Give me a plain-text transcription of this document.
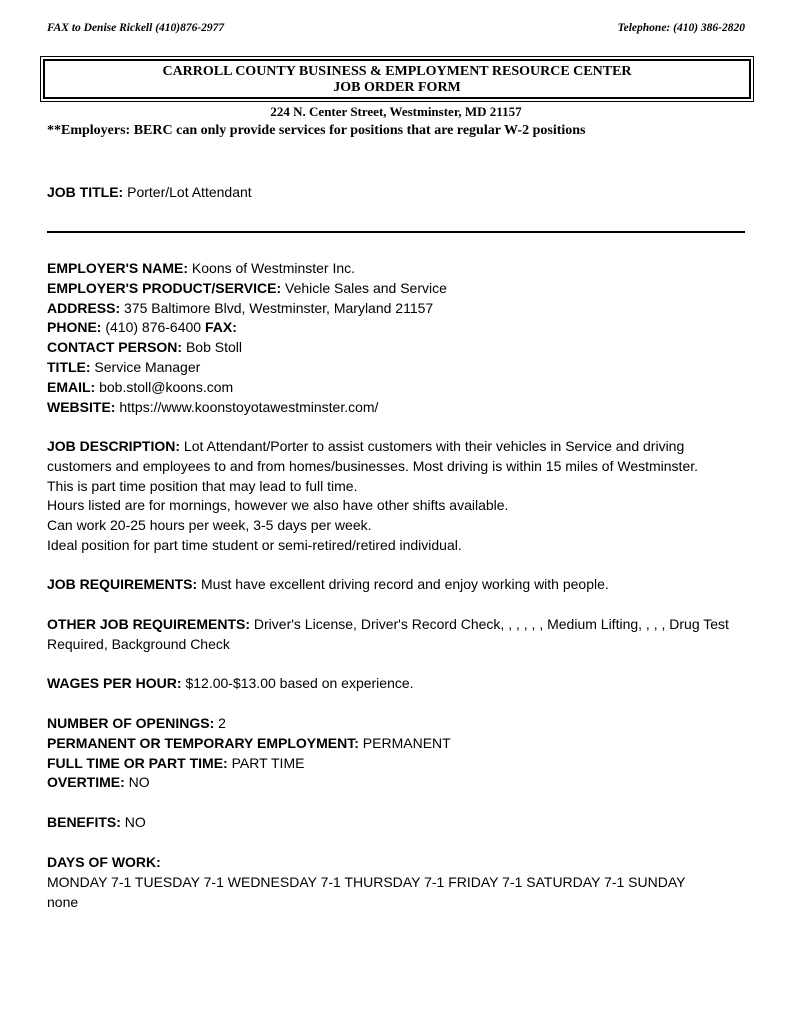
FAX to Denise Rickell (410)876-2977	Telephone: (410) 386-2820
CARROLL COUNTY BUSINESS & EMPLOYMENT RESOURCE CENTER
JOB ORDER FORM
224 N. Center Street, Westminster, MD 21157
**Employers: BERC can only provide services for positions that are regular W-2 positions
JOB TITLE: Porter/Lot Attendant

EMPLOYER'S NAME: Koons of Westminster Inc.

EMPLOYER'S PRODUCT/SERVICE: Vehicle Sales and Service

ADDRESS: 375 Baltimore Blvd, Westminster, Maryland 21157

PHONE: (410) 876-6400 FAX:

CONTACT PERSON: Bob Stoll

TITLE: Service Manager

EMAIL: bob.stoll@koons.com

WEBSITE: https://www.koonstoyotawestminster.com/

JOB DESCRIPTION: Lot Attendant/Porter to assist customers with their vehicles in Service and driving

customers and employees to and from homes/businesses. Most driving is within 15 miles of Westminster.

This is part time position that may lead to full time.

Hours listed are for mornings, however we also have other shifts available.

Can work 20-25 hours per week, 3-5 days per week.

Ideal position for part time student or semi-retired/retired individual.

JOB REQUIREMENTS: Must have excellent driving record and enjoy working with people.

OTHER JOB REQUIREMENTS: Driver's License, Driver's Record Check, , , , , , Medium Lifting, , , , Drug Test

Required, Background Check

WAGES PER HOUR: $12.00-$13.00 based on experience.

NUMBER OF OPENINGS: 2

PERMANENT OR TEMPORARY EMPLOYMENT: PERMANENT

FULL TIME OR PART TIME: PART TIME

OVERTIME: NO

BENEFITS: NO

DAYS OF WORK:

MONDAY 7-1 TUESDAY 7-1 WEDNESDAY 7-1 THURSDAY 7-1 FRIDAY 7-1 SATURDAY 7-1 SUNDAY

none
